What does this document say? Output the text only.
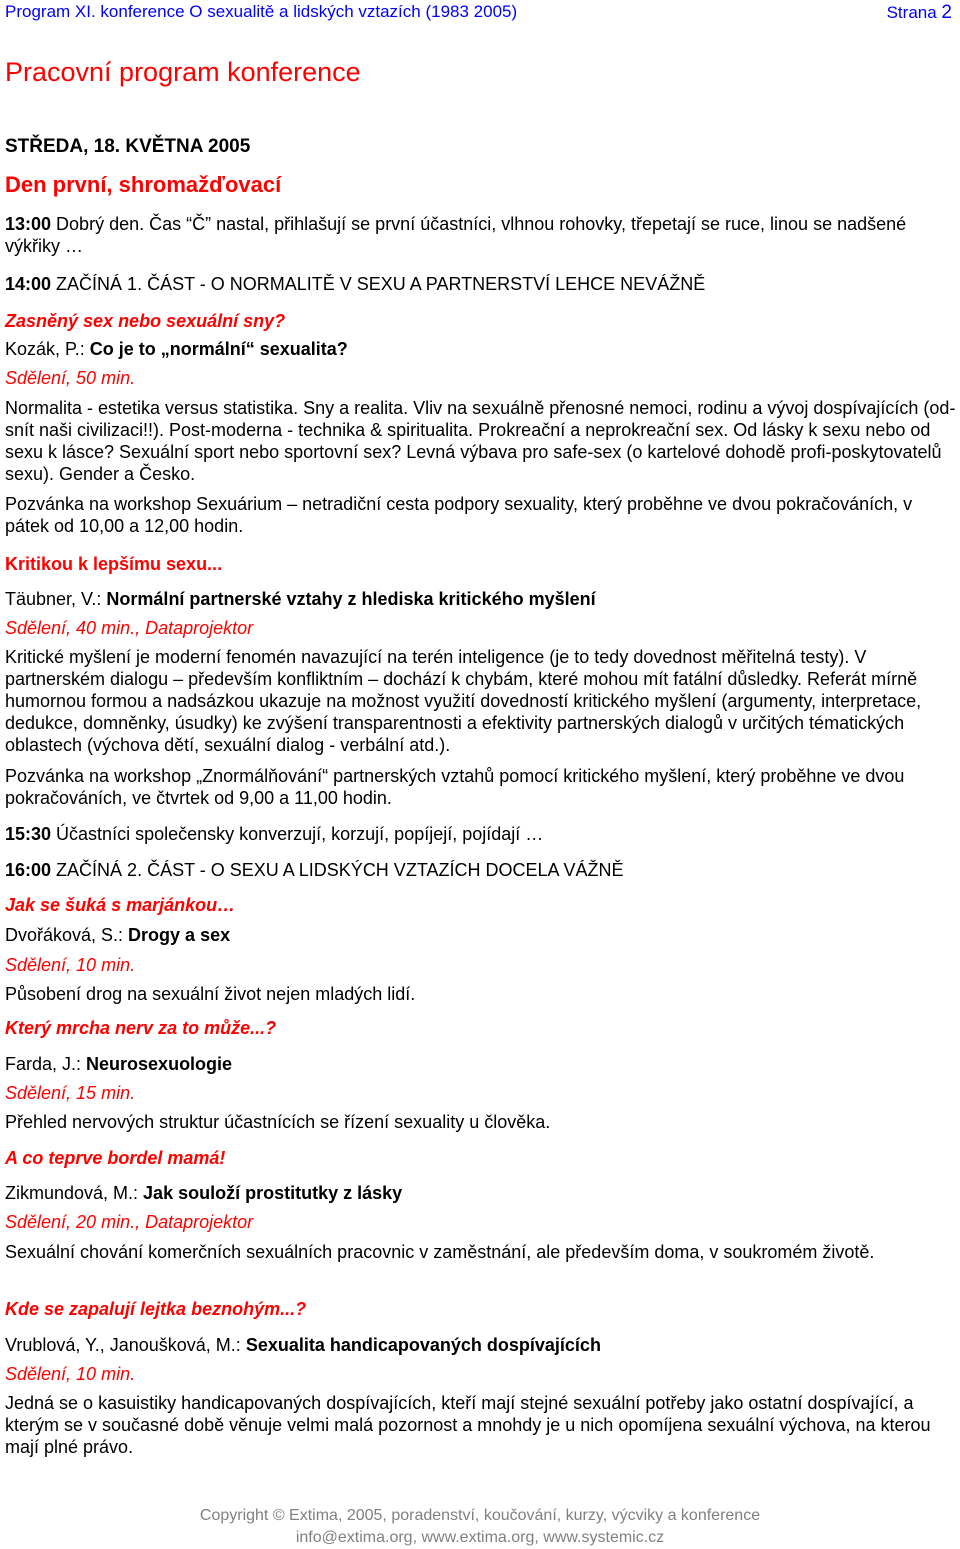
Program XI. konference O sexualitě a lidských vztazích (1983 2005)	Strana 2
Pracovní program konference
STŘEDA, 18. KVĚTNA 2005
Den první, shromažďovací
13:00 Dobrý den. Čas “Č” nastal, přihlašují se první účastníci, vlhnou rohovky, třepetají se ruce, linou se nadšené výkřiky …
14:00 ZAČÍNÁ 1. ČÁST - O NORMALITĚ V SEXU A PARTNERSTVÍ LEHCE NEVÁŽNĚ
Zasněný sex nebo sexuální sny?
Kozák, P.: Co je to „normální“ sexualita?
Sdělení, 50 min.
Normalita - estetika versus statistika. Sny a realita. Vliv na sexuálně přenosné nemoci, rodinu a vývoj dospívajících (od-snít naši civilizaci!!). Post-moderna - technika & spiritualita. Prokreační a neprokreační sex. Od lásky k sexu nebo od sexu k lásce? Sexuální sport nebo sportovní sex? Levná výbava pro safe-sex (o kartelové dohodě profi-poskytovatelů sexu). Gender a Česko.
Pozvánka na workshop Sexuárium – netradiční cesta podpory sexuality, který proběhne ve dvou pokračováních, v pátek od 10,00 a 12,00 hodin.
Kritikou k lepšímu sexu...
Täubner, V.: Normální partnerské vztahy z hlediska kritického myšlení
Sdělení, 40 min., Dataprojektor
Kritické myšlení je moderní fenomén navazující na terén inteligence (je to tedy dovednost měřitelná testy). V partnerském dialogu – především konfliktním – dochází k chybám, které mohou mít fatální důsledky. Referát mírně humornou formou a nadsázkou ukazuje na možnost využití dovedností kritického myšlení (argumenty, interpretace, dedukce, domněnky, úsudky) ke zvýšení transparentnosti a efektivity partnerských dialogů v určitých tématických oblastech (výchova dětí, sexuální dialog - verbální atd.).
Pozvánka na workshop „Znormálňování“ partnerských vztahů pomocí kritického myšlení, který proběhne ve dvou pokračováních, ve čtvrtek od 9,00 a 11,00 hodin.
15:30 Účastníci společensky konverzují, korzují, popíjejí, pojídají …
16:00 ZAČÍNÁ 2. ČÁST - O SEXU A LIDSKÝCH VZTAZÍCH DOCELA VÁŽNĚ
Jak se šuká s marjánkou…
Dvořáková, S.: Drogy a sex
Sdělení, 10 min.
Působení drog na sexuální život nejen mladých lidí.
Který mrcha nerv za to může...?
Farda, J.: Neurosexuologie
Sdělení, 15 min.
Přehled nervových struktur účastnících se řízení sexuality u člověka.
A co teprve bordel mamá!
Zikmundová, M.: Jak souloží prostitutky z lásky
Sdělení, 20 min., Dataprojektor
Sexuální chování komerčních sexuálních pracovnic v zaměstnání, ale především doma, v soukromém životě.
Kde se zapalují lejtka beznohým...?
Vrublová, Y., Janoušková, M.: Sexualita handicapovaných dospívajících
Sdělení, 10 min.
Jedná se o kasuistiky handicapovaných dospívajících, kteří mají stejné sexuální potřeby jako ostatní dospívající, a kterým se v současné době věnuje velmi malá pozornost a mnohdy je u nich opomíjena sexuální výchova, na kterou mají plné právo.
Copyright © Extima, 2005, poradenství, koučování, kurzy, výcviky a konference
info@extima.org, www.extima.org, www.systemic.cz
